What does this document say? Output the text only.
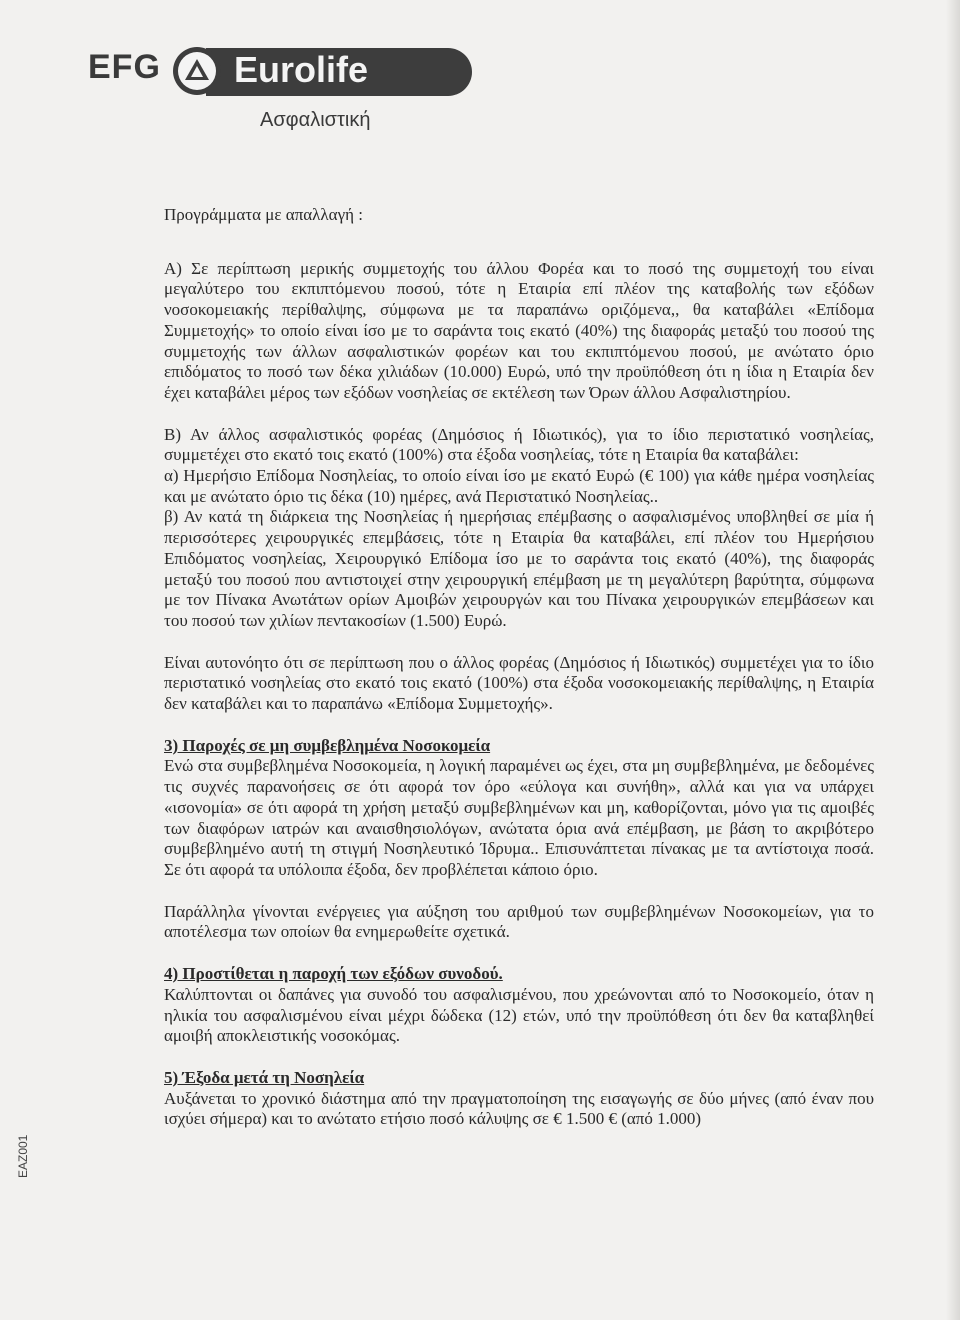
EFG Eurolife
Ασφαλιστική
EAZ001

Προγράμματα με απαλλαγή :

Α) Σε περίπτωση μερικής συμμετοχής του άλλου Φορέα και το ποσό της συμμετοχή του είναι μεγαλύτερο του εκπιπτόμενου ποσού, τότε η Εταιρία επί πλέον της καταβολής των εξόδων νοσοκομειακής περίθαλψης, σύμφωνα με τα παραπάνω οριζόμενα,, θα καταβάλει «Επίδομα Συμμετοχής» το οποίο είναι ίσο με το σαράντα τοις εκατό (40%) της διαφοράς μεταξύ του ποσού της συμμετοχής των άλλων ασφαλιστικών φορέων και του εκπιπτόμενου ποσού, με ανώτατο όριο επιδόματος το ποσό των δέκα χιλιάδων (10.000) Ευρώ, υπό την προϋπόθεση ότι η ίδια η Εταιρία δεν έχει καταβάλει μέρος των εξόδων νοσηλείας σε εκτέλεση των Όρων άλλου Ασφαλιστηρίου.

Β) Αν άλλος ασφαλιστικός φορέας (Δημόσιος ή Ιδιωτικός), για το ίδιο περιστατικό νοσηλείας, συμμετέχει στο εκατό τοις εκατό (100%) στα έξοδα νοσηλείας, τότε η Εταιρία θα καταβάλει:

α) Ημερήσιο Επίδομα Νοσηλείας, το οποίο είναι ίσο με εκατό Ευρώ (€ 100) για κάθε ημέρα νοσηλείας και με ανώτατο όριο τις δέκα (10) ημέρες, ανά Περιστατικό Νοσηλείας..

β) Αν κατά τη διάρκεια της Νοσηλείας ή ημερήσιας επέμβασης ο ασφαλισμένος υποβληθεί σε μία ή περισσότερες χειρουργικές επεμβάσεις, τότε η Εταιρία θα καταβάλει, επί πλέον του Ημερήσιου Επιδόματος νοσηλείας, Χειρουργικό Επίδομα ίσο με το σαράντα τοις εκατό (40%), της διαφοράς μεταξύ του ποσού που αντιστοιχεί στην χειρουργική επέμβαση με τη μεγαλύτερη βαρύτητα, σύμφωνα με τον Πίνακα Ανωτάτων ορίων Αμοιβών χειρουργών και του Πίνακα χειρουργικών επεμβάσεων και του ποσού των χιλίων πεντακοσίων (1.500) Ευρώ.

Είναι αυτονόητο ότι σε περίπτωση που ο άλλος φορέας (Δημόσιος ή Ιδιωτικός) συμμετέχει για το ίδιο περιστατικό νοσηλείας στο εκατό τοις εκατό (100%) στα έξοδα νοσοκομειακής περίθαλψης, η Εταιρία δεν καταβάλει και το παραπάνω «Επίδομα Συμμετοχής».

3) Παροχές σε μη συμβεβλημένα Νοσοκομεία

Ενώ στα συμβεβλημένα Νοσοκομεία, η λογική παραμένει ως έχει, στα μη συμβεβλημένα, με δεδομένες τις συχνές παρανοήσεις σε ότι αφορά τον όρο «εύλογα και συνήθη», αλλά και για να υπάρχει «ισονομία» σε ότι αφορά τη χρήση μεταξύ συμβεβλημένων και μη, καθορίζονται, μόνο για τις αμοιβές των διαφόρων ιατρών και αναισθησιολόγων, ανώτατα όρια ανά επέμβαση, με βάση το ακριβότερο συμβεβλημένο αυτή τη στιγμή Νοσηλευτικό Ίδρυμα.. Επισυνάπτεται πίνακας με τα αντίστοιχα ποσά. Σε ότι αφορά τα υπόλοιπα έξοδα, δεν προβλέπεται κάποιο όριο.

Παράλληλα γίνονται ενέργειες για αύξηση του αριθμού των συμβεβλημένων Νοσοκομείων, για το αποτέλεσμα των οποίων θα ενημερωθείτε σχετικά.

4) Προστίθεται η παροχή των εξόδων συνοδού.

Καλύπτονται οι δαπάνες για συνοδό του ασφαλισμένου, που χρεώνονται από το Νοσοκομείο, όταν η ηλικία του ασφαλισμένου είναι μέχρι δώδεκα (12) ετών, υπό την προϋπόθεση ότι δεν θα καταβληθεί αμοιβή αποκλειστικής νοσοκόμας.

5) Έξοδα μετά τη Νοσηλεία

Αυξάνεται το χρονικό διάστημα από την πραγματοποίηση της εισαγωγής σε δύο μήνες (από έναν που ισχύει σήμερα) και το ανώτατο ετήσιο ποσό κάλυψης σε € 1.500 € (από 1.000)
